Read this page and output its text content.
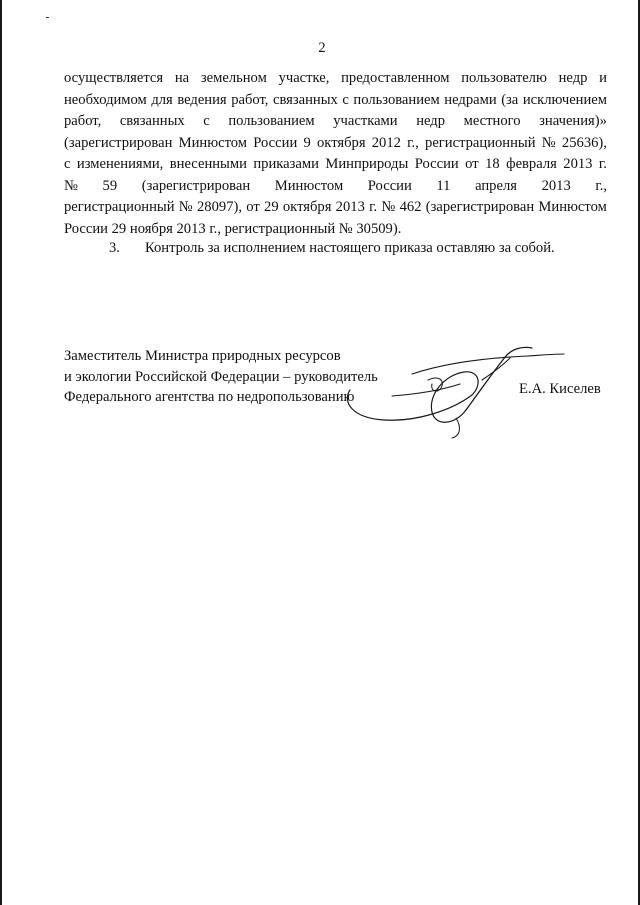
2
осуществляется на земельном участке, предоставленном пользователю недр и
необходимом для ведения работ, связанных с пользованием недрами (за исключением
работ, связанных с пользованием участками недр местного значения)»
(зарегистрирован Минюстом России 9 октября 2012 г., регистрационный № 25636),
с изменениями, внесенными приказами Минприроды России от 18 февраля 2013 г.
№ 59 (зарегистрирован Минюстом России 11 апреля 2013 г.,
регистрационный № 28097), от 29 октября 2013 г. № 462 (зарегистрирован Минюстом
России 29 ноября 2013 г., регистрационный № 30509).
3. Контроль за исполнением настоящего приказа оставляю за собой.
Заместитель Министра природных ресурсов
и экологии Российской Федерации – руководитель
Федерального агентства по недропользованию	Е.А. Киселев
